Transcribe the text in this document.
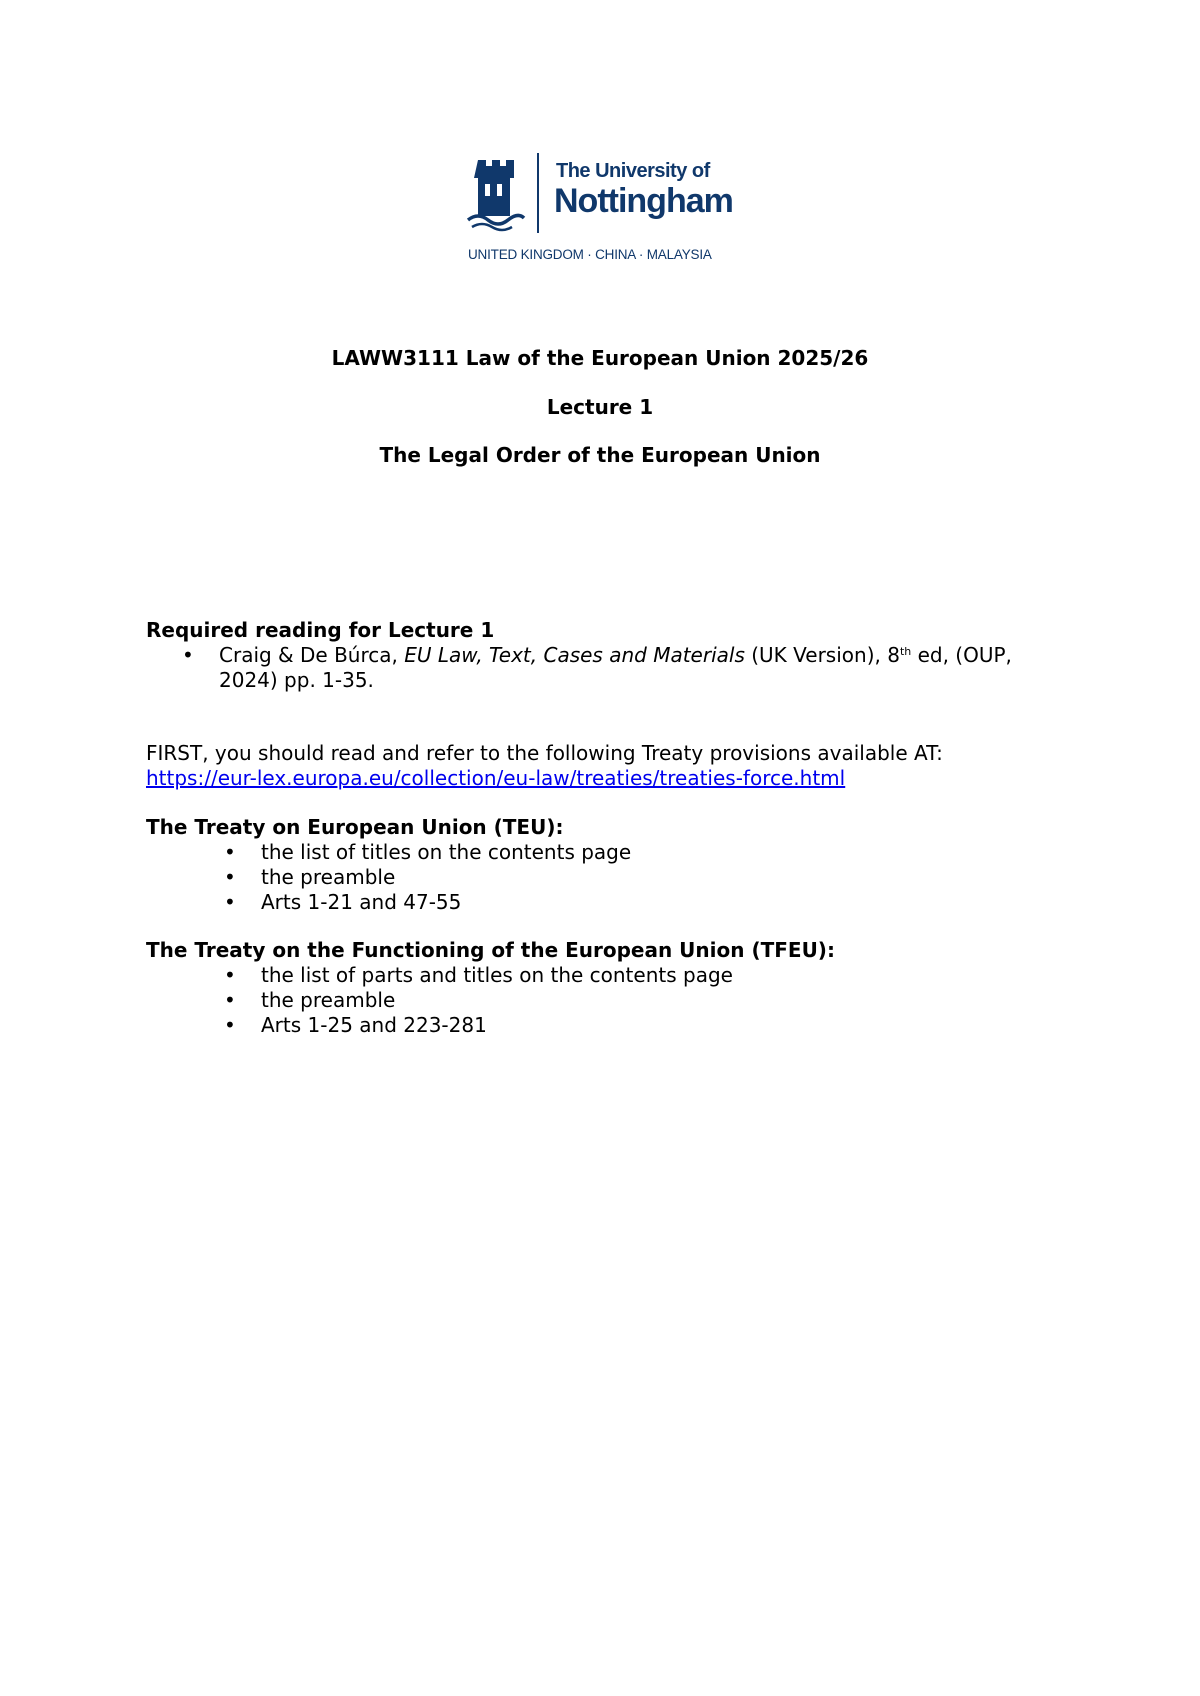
The University of
Nottingham
UNITED KINGDOM · CHINA · MALAYSIA
LAWW3111 Law of the European Union 2025/26
Lecture 1
The Legal Order of the European Union
Required reading for Lecture 1
• Craig & De Búrca, EU Law, Text, Cases and Materials (UK Version), 8th ed, (OUP, 2024) pp. 1-35.
FIRST, you should read and refer to the following Treaty provisions available AT:
https://eur-lex.europa.eu/collection/eu-law/treaties/treaties-force.html
The Treaty on European Union (TEU):
• the list of titles on the contents page
• the preamble
• Arts 1-21 and 47-55
The Treaty on the Functioning of the European Union (TFEU):
• the list of parts and titles on the contents page
• the preamble
• Arts 1-25 and 223-281
